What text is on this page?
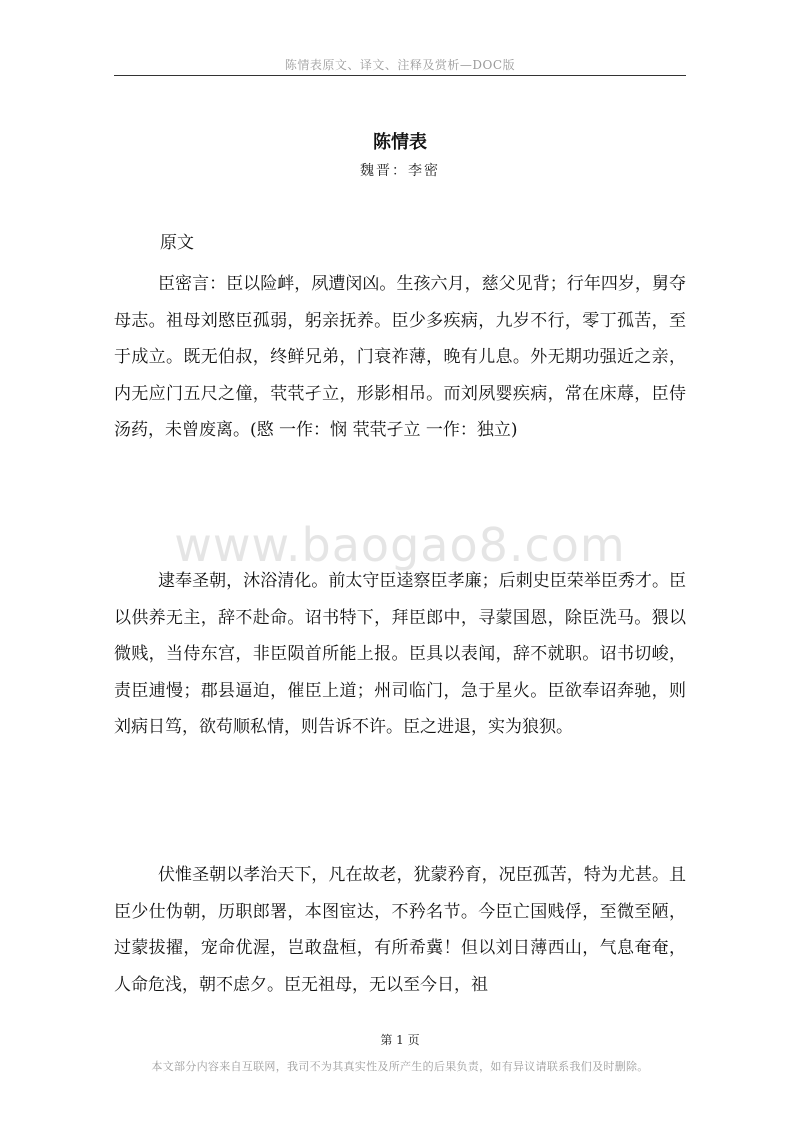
陈情表原文、译文、注释及赏析—DOC版
陈情表
魏晋：李密
原文
www.baogao8.com

臣密言：臣以险衅，夙遭闵凶。生孩六月，慈父见背；行年四岁，舅夺母志。祖母刘愍臣孤弱，躬亲抚养。臣少多疾病，九岁不行，零丁孤苦，至于成立。既无伯叔，终鲜兄弟，门衰祚薄，晚有儿息。外无期功强近之亲，内无应门五尺之僮，茕茕孑立，形影相吊。而刘夙婴疾病，常在床蓐，臣侍汤药，未曾废离。(愍 一作：悯 茕茕孑立 一作：独立)

逮奉圣朝，沐浴清化。前太守臣逵察臣孝廉；后刺史臣荣举臣秀才。臣以供养无主，辞不赴命。诏书特下，拜臣郎中，寻蒙国恩，除臣洗马。猥以微贱，当侍东宫，非臣陨首所能上报。臣具以表闻，辞不就职。诏书切峻，责臣逋慢；郡县逼迫，催臣上道；州司临门，急于星火。臣欲奉诏奔驰，则刘病日笃，欲苟顺私情，则告诉不许。臣之进退，实为狼狈。

伏惟圣朝以孝治天下，凡在故老，犹蒙矜育，况臣孤苦，特为尤甚。且臣少仕伪朝，历职郎署，本图宦达，不矜名节。今臣亡国贱俘，至微至陋，过蒙拔擢，宠命优渥，岂敢盘桓，有所希冀！但以刘日薄西山，气息奄奄，人命危浅，朝不虑夕。臣无祖母，无以至今日，祖

第 1 页
本文部分内容来自互联网，我司不为其真实性及所产生的后果负责，如有异议请联系我们及时删除。
